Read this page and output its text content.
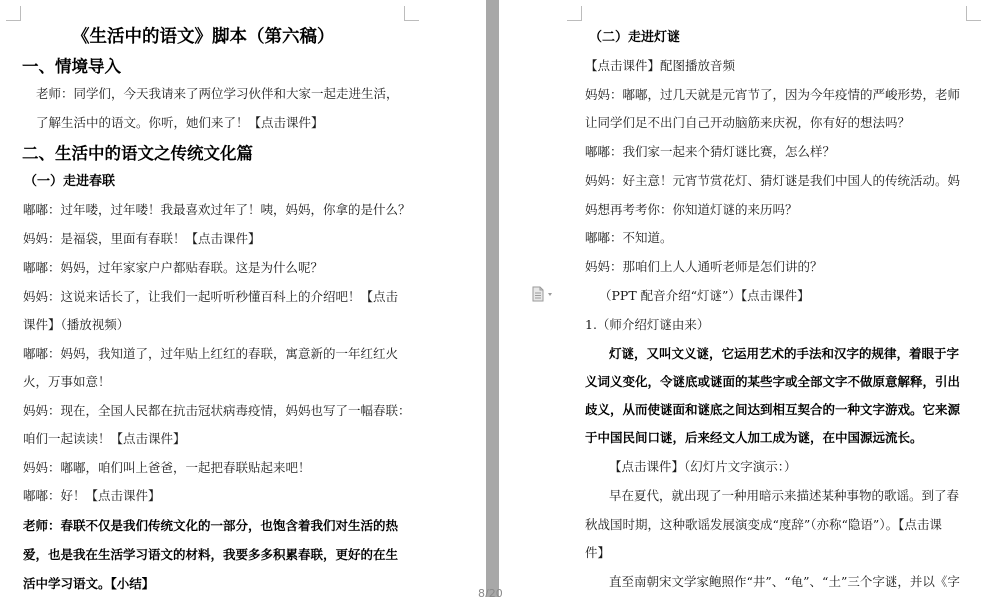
《生活中的语文》脚本（第六稿）
一、情境导入
老师：同学们，今天我请来了两位学习伙伴和大家一起走进生活，
了解生活中的语文。你听，她们来了！【点击课件】
二、生活中的语文之传统文化篇
（一）走进春联
嘟嘟：过年喽，过年喽！我最喜欢过年了！咦，妈妈，你拿的是什么？
妈妈：是福袋，里面有春联！【点击课件】
嘟嘟：妈妈，过年家家户户都贴春联。这是为什么呢？
妈妈：这说来话长了，让我们一起听听秒懂百科上的介绍吧！【点击
课件】（播放视频）
嘟嘟：妈妈，我知道了，过年贴上红红的春联，寓意新的一年红红火
火，万事如意！
妈妈：现在，全国人民都在抗击冠状病毒疫情，妈妈也写了一幅春联：
咱们一起读读！【点击课件】
妈妈：嘟嘟，咱们叫上爸爸，一起把春联贴起来吧！
嘟嘟：好！【点击课件】
老师：春联不仅是我们传统文化的一部分，也饱含着我们对生活的热
爱，也是我在生活学习语文的材料，我要多多积累春联，更好的在生
活中学习语文。【小结】
（二）走进灯谜
【点击课件】配图播放音频
妈妈：嘟嘟，过几天就是元宵节了，因为今年疫情的严峻形势，老师
让同学们足不出门自己开动脑筋来庆祝，你有好的想法吗？
嘟嘟：我们家一起来个猜灯谜比赛，怎么样？
妈妈：好主意！元宵节赏花灯、猜灯谜是我们中国人的传统活动。妈
妈想再考考你：你知道灯谜的来历吗？
嘟嘟：不知道。
妈妈：那咱们上人人通听老师是怎们讲的？
（PPT 配音介绍“灯谜”）【点击课件】
1.（师介绍灯谜由来）
灯谜，又叫文义谜，它运用艺术的手法和汉字的规律，着眼于字
义词义变化，令谜底或谜面的某些字或全部文字不做原意解释，引出
歧义，从而使谜面和谜底之间达到相互契合的一种文字游戏。它来源
于中国民间口谜，后来经文人加工成为谜，在中国源远流长。
【点击课件】（幻灯片文字演示：）
早在夏代，就出现了一种用暗示来描述某种事物的歌谣。到了春
秋战国时期，这种歌谣发展演变成“度辞”（亦称“隐语”）。【点击课
件】
直至南朝宋文学家鲍照作“井”、“龟”、“土”三个字谜，并以《字
8/20
